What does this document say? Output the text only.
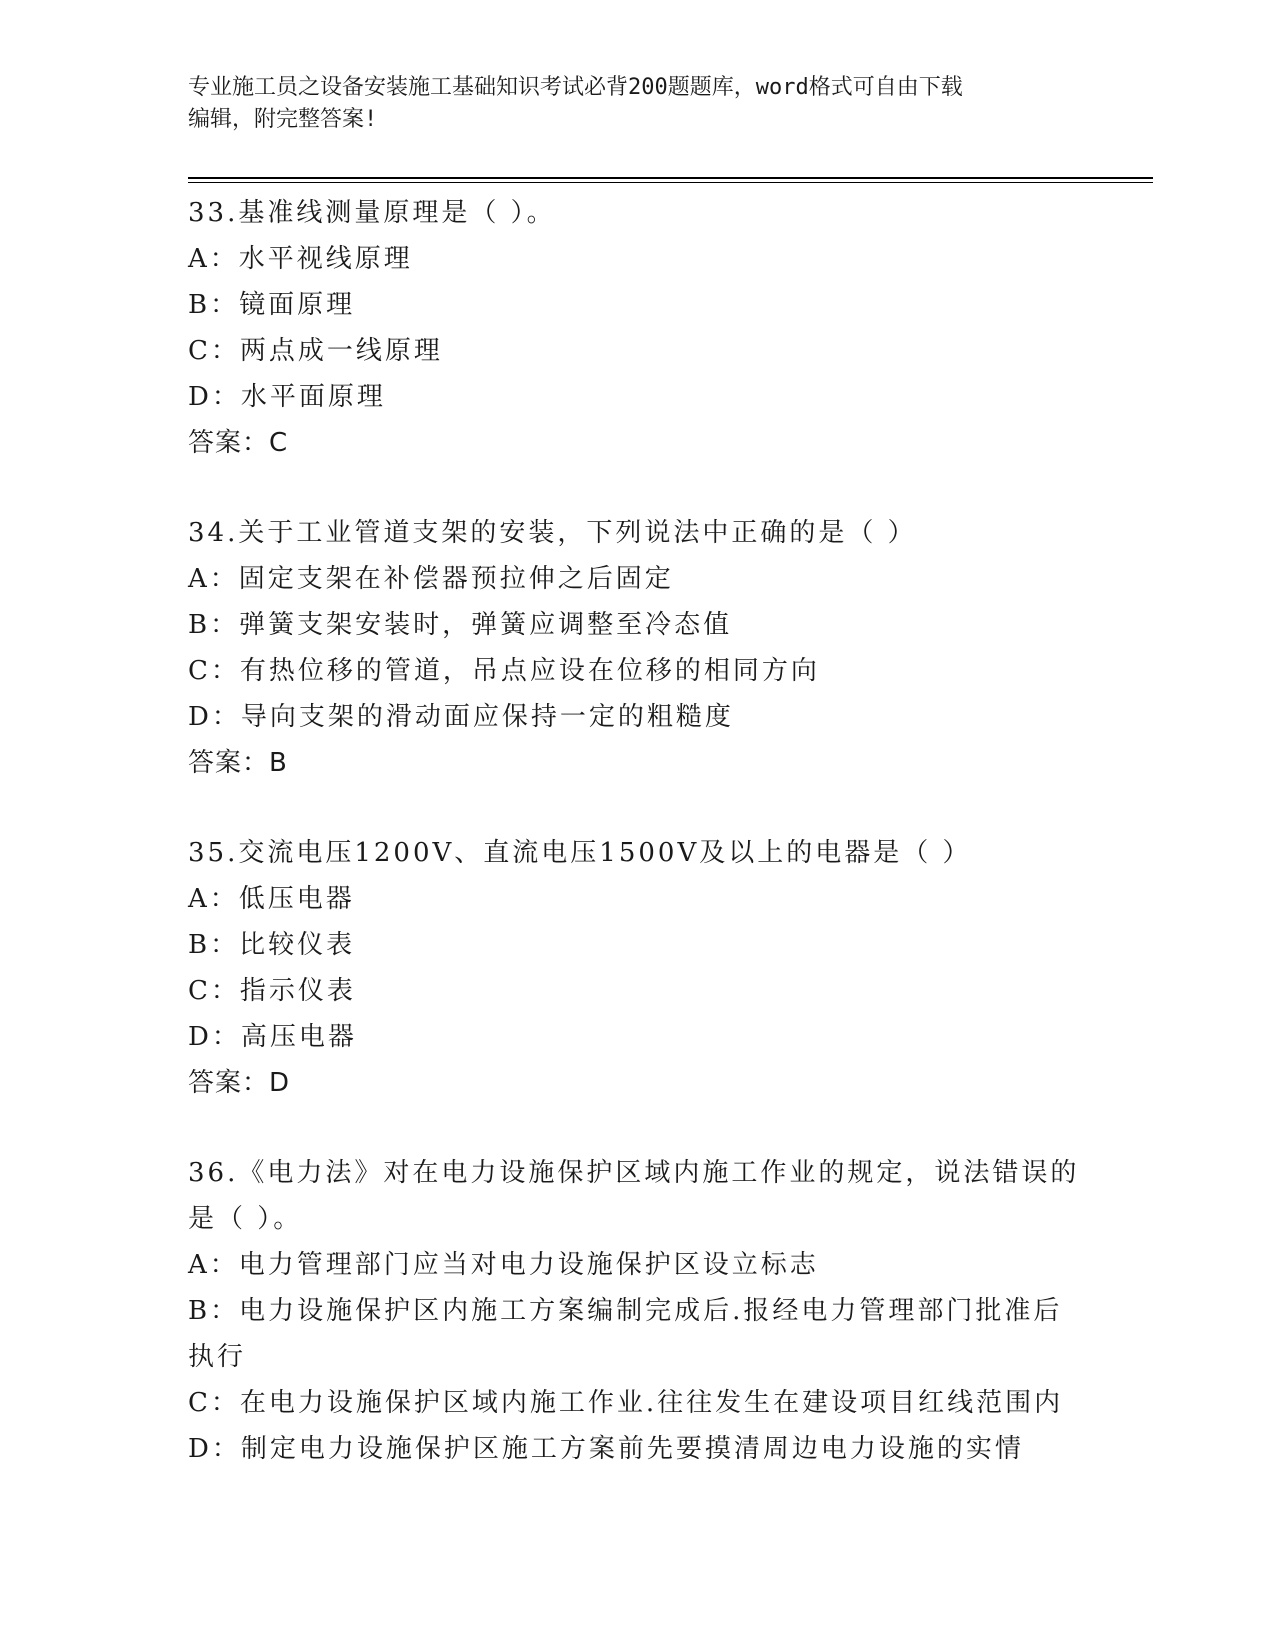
专业施工员之设备安装施工基础知识考试必背200题题库，word格式可自由下载
编辑，附完整答案!
33.基准线测量原理是（ ）。
A：水平视线原理
B：镜面原理
C：两点成一线原理
D：水平面原理
答案：C
34.关于工业管道支架的安装，下列说法中正确的是（ ）
A：固定支架在补偿器预拉伸之后固定
B：弹簧支架安装时，弹簧应调整至冷态值
C：有热位移的管道，吊点应设在位移的相同方向
D：导向支架的滑动面应保持一定的粗糙度
答案：B
35.交流电压1200V、直流电压1500V及以上的电器是（ ）
A：低压电器
B：比较仪表
C：指示仪表
D：高压电器
答案：D
36.《电力法》对在电力设施保护区域内施工作业的规定，说法错误的
是（ ）。
A：电力管理部门应当对电力设施保护区设立标志
B：电力设施保护区内施工方案编制完成后.报经电力管理部门批准后
执行
C：在电力设施保护区域内施工作业.往往发生在建设项目红线范围内
D：制定电力设施保护区施工方案前先要摸清周边电力设施的实情
